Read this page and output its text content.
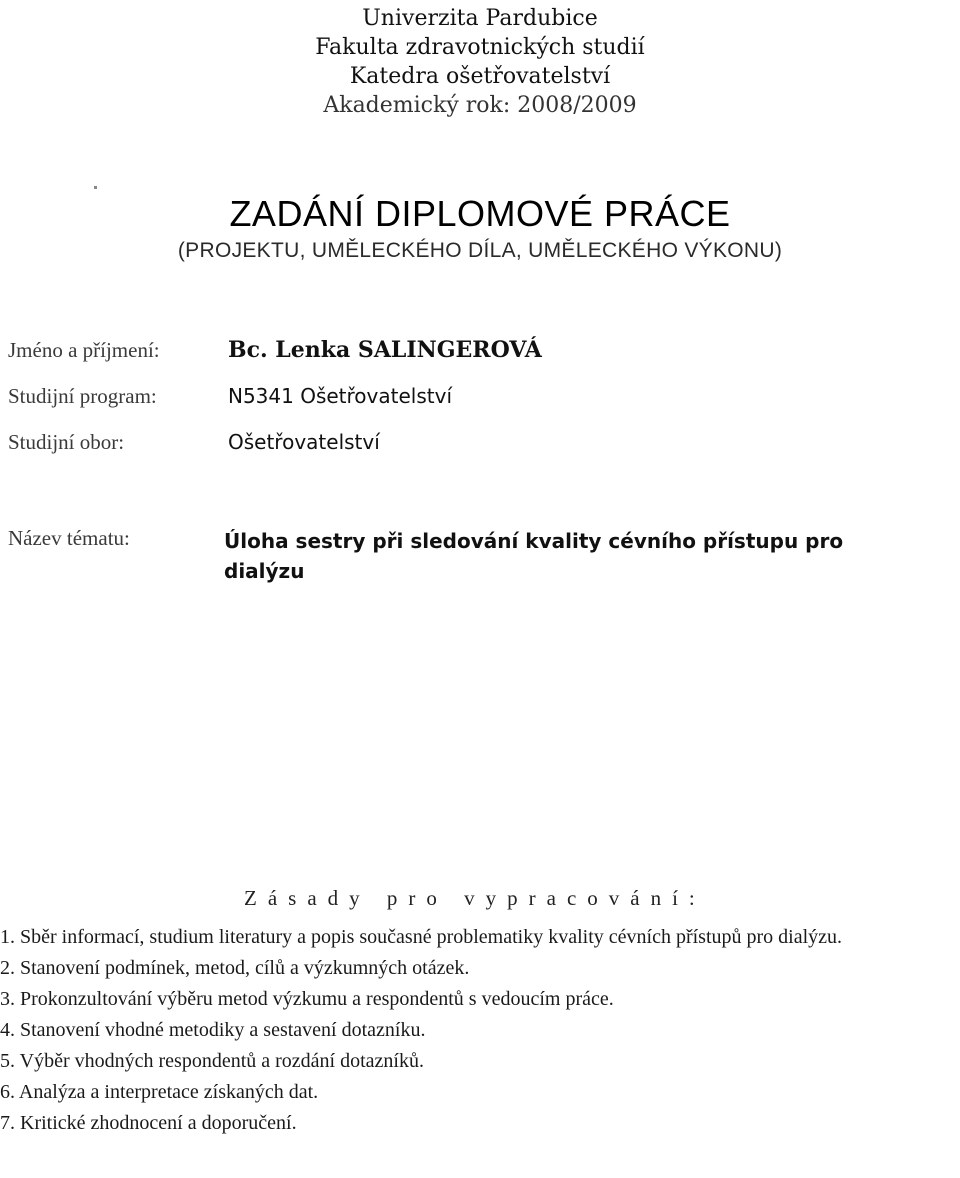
Univerzita Pardubice
Fakulta zdravotnických studií
Katedra ošetřovatelství
Akademický rok: 2008/2009
ZADÁNÍ DIPLOMOVÉ PRÁCE
(PROJEKTU, UMĚLECKÉHO DÍLA, UMĚLECKÉHO VÝKONU)
Jméno a příjmení:	Bc. Lenka SALINGEROVÁ
Studijní program:	N5341 Ošetřovatelství
Studijní obor:	Ošetřovatelství
Název tématu:	Úloha sestry při sledování kvality cévního přístupu pro dialýzu
Zásady pro vypracování:
1. Sběr informací, studium literatury a popis současné problematiky kvality cévních přístupů pro dialýzu.
2. Stanovení podmínek, metod, cílů a výzkumných otázek.
3. Prokonzultování výběru metod výzkumu a respondentů s vedoucím práce.
4. Stanovení vhodné metodiky a sestavení dotazníku.
5. Výběr vhodných respondentů a rozdání dotazníků.
6. Analýza a interpretace získaných dat.
7. Kritické zhodnocení a doporučení.
